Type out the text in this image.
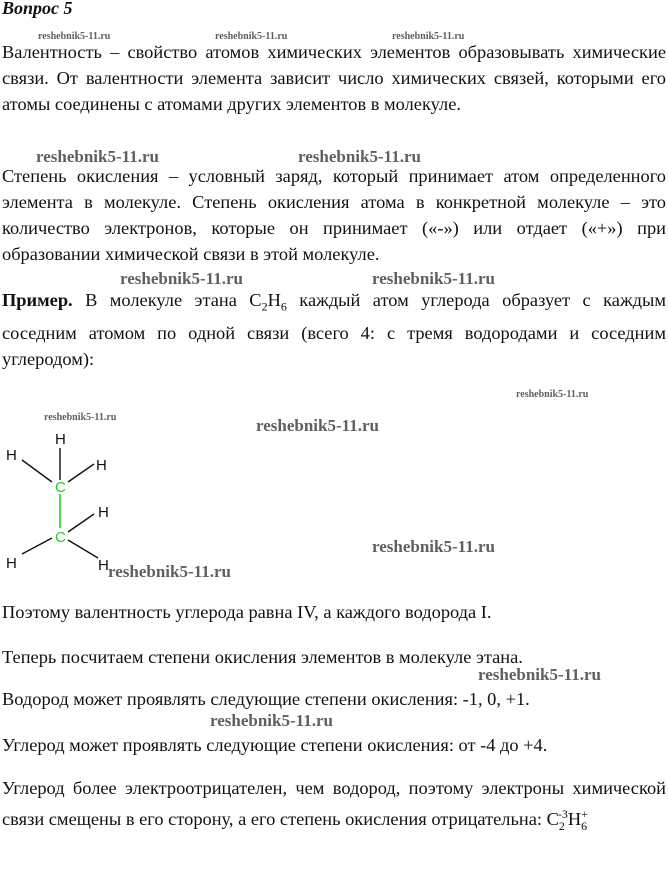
Вопрос 5
reshebnik5-11.ru	reshebnik5-11.ru	reshebnik5-11.ru
reshebnik5-11.ru	reshebnik5-11.ru
reshebnik5-11.ru	reshebnik5-11.ru
reshebnik5-11.ru
reshebnik5-11.ru	reshebnik5-11.ru
reshebnik5-11.ru
reshebnik5-11.ru
reshebnik5-11.ru
reshebnik5-11.ru

Валентность – свойство атомов химических элементов образовывать химические связи. От валентности элемента зависит число химических связей, которыми его атомы соединены с атомами других элементов в молекуле.

Степень окисления – условный заряд, который принимает атом определенного элемента в молекуле. Степень окисления атома в конкретной молекуле – это количество электронов, которые он принимает («-») или отдает («+») при образовании химической связи в этой молекуле.

Пример. В молекуле этана $C_2H_6$ каждый атом углерода образует с каждым соседним атомом по одной связи (всего 4: с тремя водородами и соседним углеродом):

H
H
H
C
H
C
H	H

Поэтому валентность углерода равна IV, а каждого водорода I.

Теперь посчитаем степени окисления элементов в молекуле этана.

Водород может проявлять следующие степени окисления: -1, 0, +1.

Углерод может проявлять следующие степени окисления: от -4 до +4.

Углерод более электроотрицателен, чем водород, поэтому электроны химической связи смещены в его сторону, а его степень окисления отрицательна: $C_2^{-3}H_6^+$
